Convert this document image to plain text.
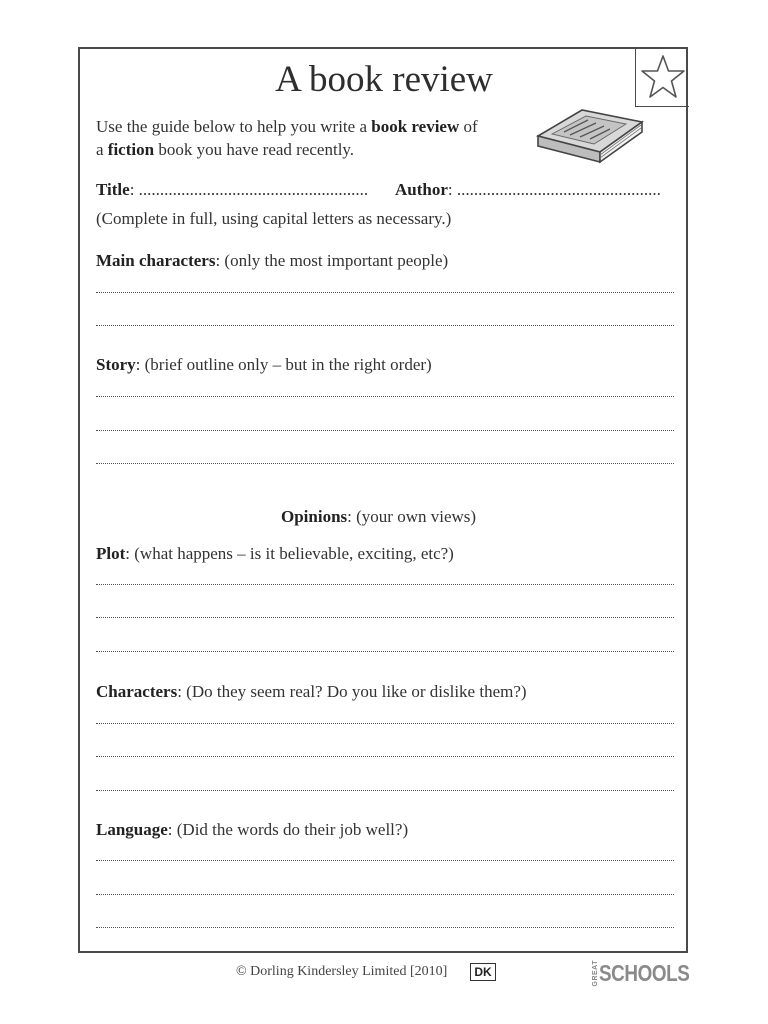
A book review
Use the guide below to help you write a book review of
a fiction book you have read recently.
Title: ...................................................... Author: ................................................
(Complete in full, using capital letters as necessary.)
Main characters: (only the most important people)
Story: (brief outline only – but in the right order)
Opinions: (your own views)
Plot: (what happens – is it believable, exciting, etc?)
Characters: (Do they seem real? Do you like or dislike them?)
Language: (Did the words do their job well?)
© Dorling Kindersley Limited [2010]	DK	GREATSCHOOLS
